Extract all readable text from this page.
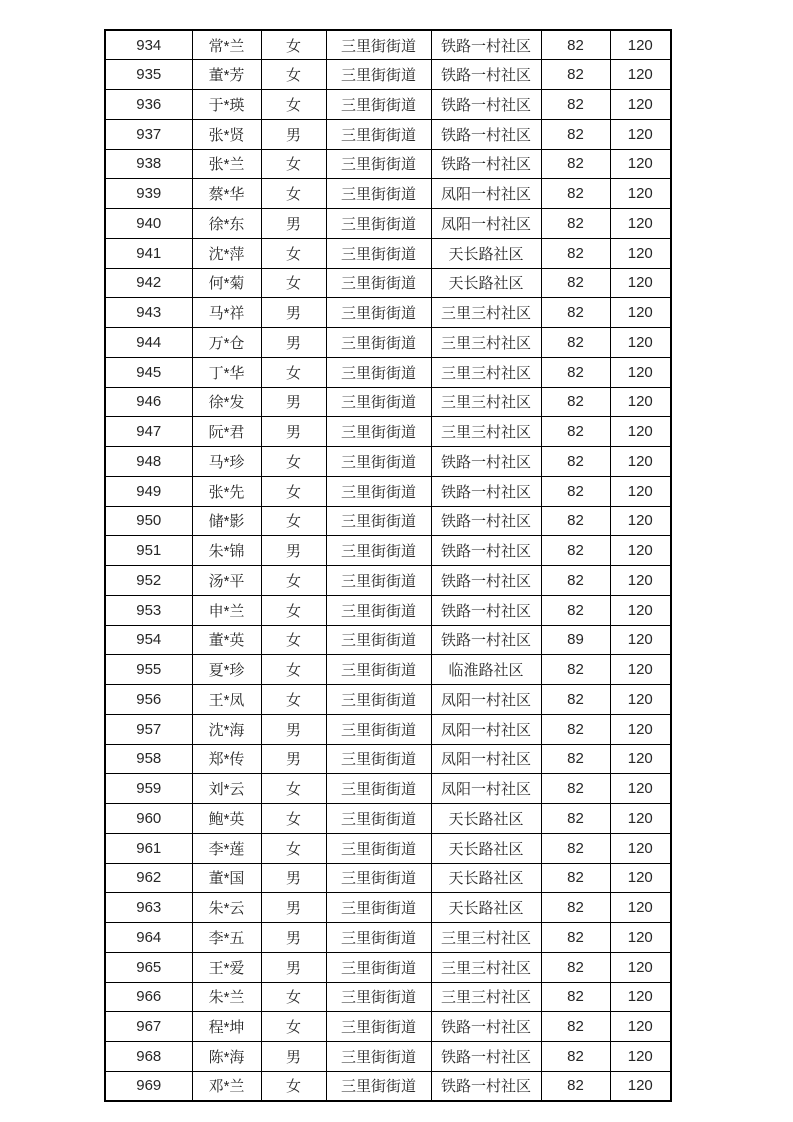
934	常*兰	女	三里街街道	铁路一村社区	82	120
935	董*芳	女	三里街街道	铁路一村社区	82	120
936	于*瑛	女	三里街街道	铁路一村社区	82	120
937	张*贤	男	三里街街道	铁路一村社区	82	120
938	张*兰	女	三里街街道	铁路一村社区	82	120
939	蔡*华	女	三里街街道	凤阳一村社区	82	120
940	徐*东	男	三里街街道	凤阳一村社区	82	120
941	沈*萍	女	三里街街道	天长路社区	82	120
942	何*菊	女	三里街街道	天长路社区	82	120
943	马*祥	男	三里街街道	三里三村社区	82	120
944	万*仓	男	三里街街道	三里三村社区	82	120
945	丁*华	女	三里街街道	三里三村社区	82	120
946	徐*发	男	三里街街道	三里三村社区	82	120
947	阮*君	男	三里街街道	三里三村社区	82	120
948	马*珍	女	三里街街道	铁路一村社区	82	120
949	张*先	女	三里街街道	铁路一村社区	82	120
950	储*影	女	三里街街道	铁路一村社区	82	120
951	朱*锦	男	三里街街道	铁路一村社区	82	120
952	汤*平	女	三里街街道	铁路一村社区	82	120
953	申*兰	女	三里街街道	铁路一村社区	82	120
954	董*英	女	三里街街道	铁路一村社区	89	120
955	夏*珍	女	三里街街道	临淮路社区	82	120
956	王*凤	女	三里街街道	凤阳一村社区	82	120
957	沈*海	男	三里街街道	凤阳一村社区	82	120
958	郑*传	男	三里街街道	凤阳一村社区	82	120
959	刘*云	女	三里街街道	凤阳一村社区	82	120
960	鲍*英	女	三里街街道	天长路社区	82	120
961	李*莲	女	三里街街道	天长路社区	82	120
962	董*国	男	三里街街道	天长路社区	82	120
963	朱*云	男	三里街街道	天长路社区	82	120
964	李*五	男	三里街街道	三里三村社区	82	120
965	王*爱	男	三里街街道	三里三村社区	82	120
966	朱*兰	女	三里街街道	三里三村社区	82	120
967	程*坤	女	三里街街道	铁路一村社区	82	120
968	陈*海	男	三里街街道	铁路一村社区	82	120
969	邓*兰	女	三里街街道	铁路一村社区	82	120
